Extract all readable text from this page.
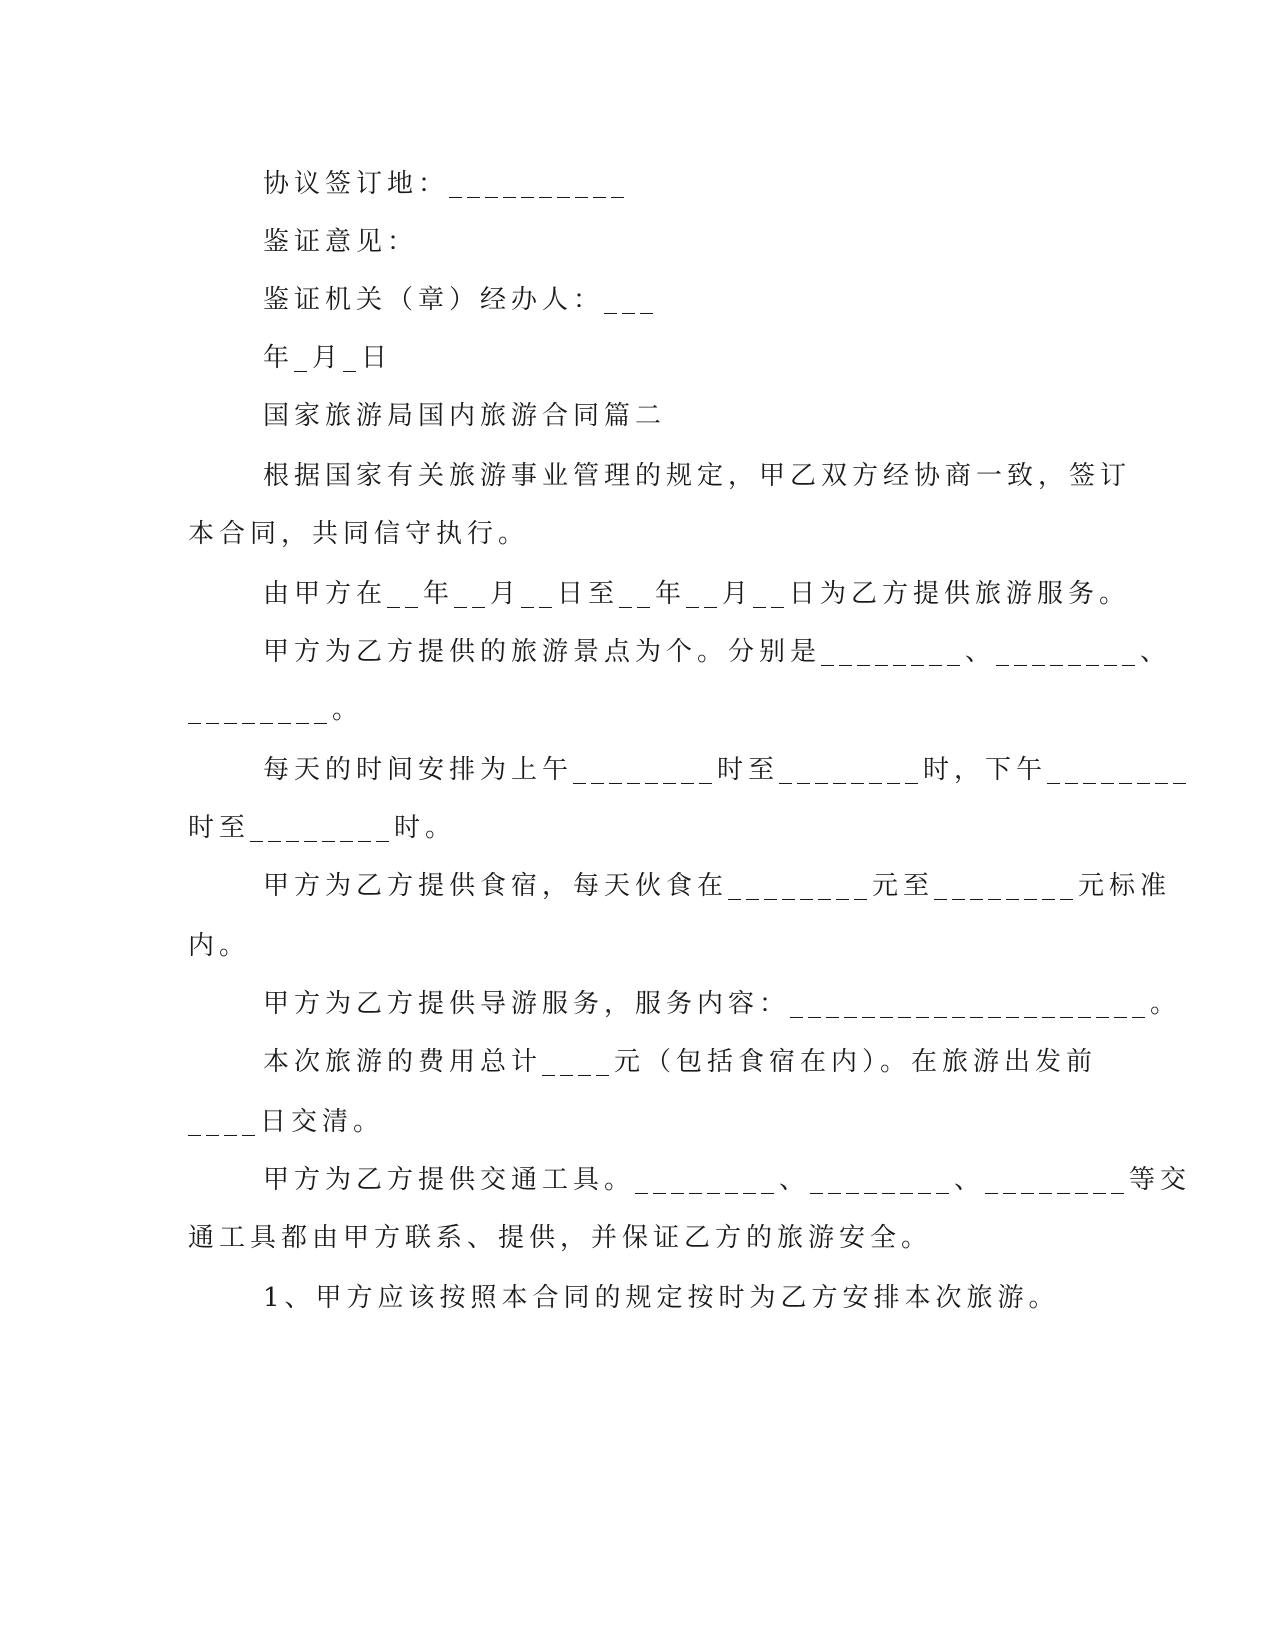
协议签订地：__________

鉴证意见：

鉴证机关（章）经办人：___

年_月_日

国家旅游局国内旅游合同篇二

根据国家有关旅游事业管理的规定，甲乙双方经协商一致，签订

本合同，共同信守执行。

由甲方在__年__月__日至__年__月__日为乙方提供旅游服务。

甲方为乙方提供的旅游景点为个。分别是________、________、

________。

每天的时间安排为上午________时至________时，下午________

时至________时。

甲方为乙方提供食宿，每天伙食在________元至________元标准

内。

甲方为乙方提供导游服务，服务内容：____________________。

本次旅游的费用总计____元（包括食宿在内）。在旅游出发前

____日交清。

甲方为乙方提供交通工具。________、________、________等交

通工具都由甲方联系、提供，并保证乙方的旅游安全。

1、甲方应该按照本合同的规定按时为乙方安排本次旅游。
